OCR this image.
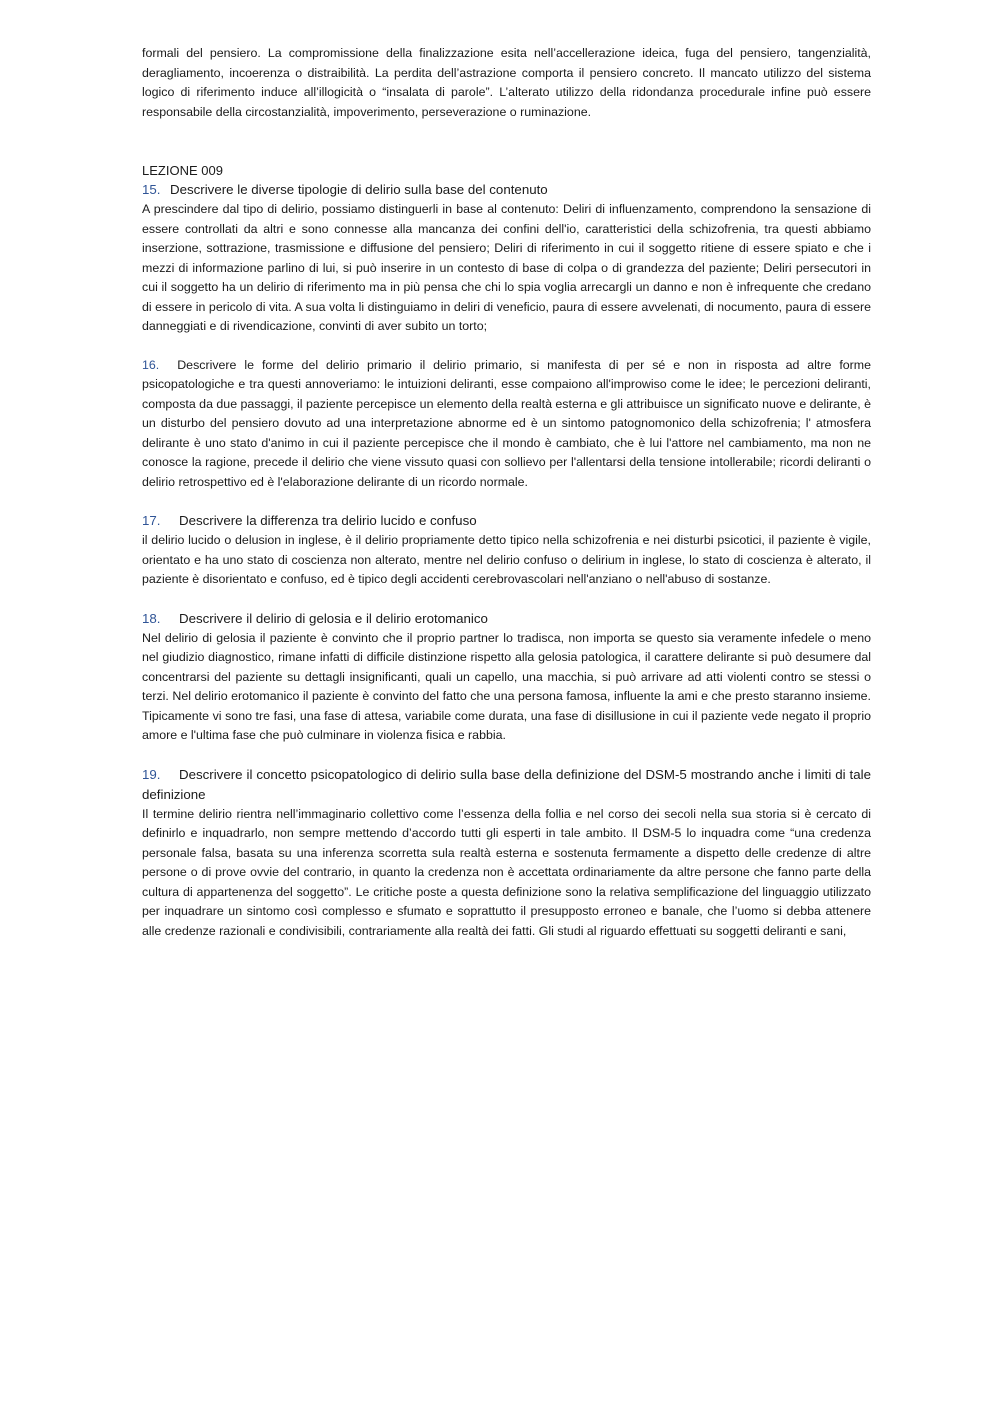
formali del pensiero. La compromissione della finalizzazione esita nell’accellerazione ideica, fuga del pensiero, tangenzialità, deragliamento, incoerenza o distraibilità. La perdita dell’astrazione comporta il pensiero concreto. Il mancato utilizzo del sistema logico di riferimento induce all’illogicità o “insalata di parole”. L’alterato utilizzo della ridondanza procedurale infine può essere responsabile della circostanzialità, impoverimento, perseverazione o ruminazione.

LEZIONE 009
15. Descrivere le diverse tipologie di delirio sulla base del contenuto

A prescindere dal tipo di delirio, possiamo distinguerli in base al contenuto: Deliri di influenzamento, comprendono la sensazione di essere controllati da altri e sono connesse alla mancanza dei confini dell'io, caratteristici della schizofrenia, tra questi abbiamo inserzione, sottrazione, trasmissione e diffusione del pensiero; Deliri di riferimento in cui il soggetto ritiene di essere spiato e che i mezzi di informazione parlino di lui, si può inserire in un contesto di base di colpa o di grandezza del paziente; Deliri persecutori in cui il soggetto ha un delirio di riferimento ma in più pensa che chi lo spia voglia arrecargli un danno e non è infrequente che credano di essere in pericolo di vita. A sua volta li distinguiamo in deliri di veneficio, paura di essere avvelenati, di nocumento, paura di essere danneggiati e di rivendicazione, convinti di aver subito un torto;

16. Descrivere le forme del delirio primario il delirio primario, si manifesta di per sé e non in risposta ad altre forme psicopatologiche e tra questi annoveriamo: le intuizioni deliranti, esse compaiono all'improwiso come le idee; le percezioni deliranti, composta da due passaggi, il paziente percepisce un elemento della realtà esterna e gli attribuisce un significato nuove e delirante, è un disturbo del pensiero dovuto ad una interpretazione abnorme ed è un sintomo patognomonico della schizofrenia; l' atmosfera delirante è uno stato d'animo in cui il paziente percepisce che il mondo è cambiato, che è lui l'attore nel cambiamento, ma non ne conosce la ragione, precede il delirio che viene vissuto quasi con sollievo per l'allentarsi della tensione intollerabile; ricordi deliranti o delirio retrospettivo ed è l'elaborazione delirante di un ricordo normale.

17. Descrivere la differenza tra delirio lucido e confuso

il delirio lucido o delusion in inglese, è il delirio propriamente detto tipico nella schizofrenia e nei disturbi psicotici, il paziente è vigile, orientato e ha uno stato di coscienza non alterato, mentre nel delirio confuso o delirium in inglese, lo stato di coscienza è alterato, il paziente è disorientato e confuso, ed è tipico degli accidenti cerebrovascolari nell'anziano o nell'abuso di sostanze.

18. Descrivere il delirio di gelosia e il delirio erotomanico

Nel delirio di gelosia il paziente è convinto che il proprio partner lo tradisca, non importa se questo sia veramente infedele o meno nel giudizio diagnostico, rimane infatti di difficile distinzione rispetto alla gelosia patologica, il carattere delirante si può desumere dal concentrarsi del paziente su dettagli insignificanti, quali un capello, una macchia, si può arrivare ad atti violenti contro se stessi o terzi. Nel delirio erotomanico il paziente è convinto del fatto che una persona famosa, influente la ami e che presto staranno insieme. Tipicamente vi sono tre fasi, una fase di attesa, variabile come durata, una fase di disillusione in cui il paziente vede negato il proprio amore e l'ultima fase che può culminare in violenza fisica e rabbia.

19. Descrivere il concetto psicopatologico di delirio sulla base della definizione del DSM-5 mostrando anche i limiti di tale definizione

Il termine delirio rientra nell’immaginario collettivo come l’essenza della follia e nel corso dei secoli nella sua storia si è cercato di definirlo e inquadrarlo, non sempre mettendo d’accordo tutti gli esperti in tale ambito. Il DSM-5 lo inquadra come “una credenza personale falsa, basata su una inferenza scorretta sula realtà esterna e sostenuta fermamente a dispetto delle credenze di altre persone o di prove ovvie del contrario, in quanto la credenza non è accettata ordinariamente da altre persone che fanno parte della cultura di appartenenza del soggetto”. Le critiche poste a questa definizione sono la relativa semplificazione del linguaggio utilizzato per inquadrare un sintomo così complesso e sfumato e soprattutto il presupposto erroneo e banale, che l’uomo si debba attenere alle credenze razionali e condivisibili, contrariamente alla realtà dei fatti. Gli studi al riguardo effettuati su soggetti deliranti e sani,
